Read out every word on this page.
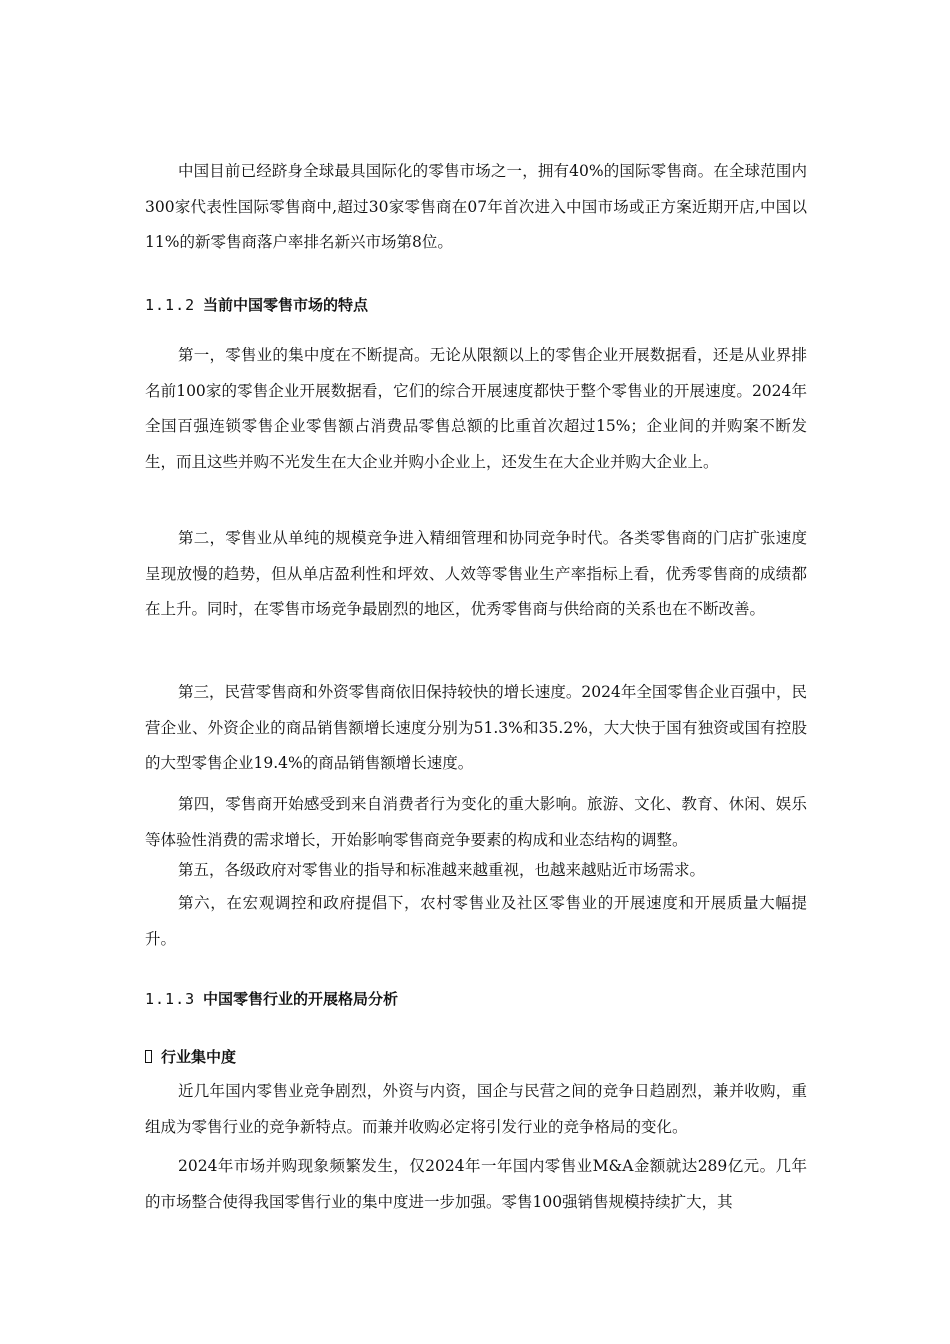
中国目前已经跻身全球最具国际化的零售市场之一，拥有40%的国际零售商。在全球范围内300家代表性国际零售商中,超过30家零售商在07年首次进入中国市场或正方案近期开店,中国以11%的新零售商落户率排名新兴市场第8位。

1.1.2 当前中国零售市场的特点

第一，零售业的集中度在不断提高。无论从限额以上的零售企业开展数据看，还是从业界排名前100家的零售企业开展数据看，它们的综合开展速度都快于整个零售业的开展速度。2024年全国百强连锁零售企业零售额占消费品零售总额的比重首次超过15%；企业间的并购案不断发生，而且这些并购不光发生在大企业并购小企业上，还发生在大企业并购大企业上。

第二，零售业从单纯的规模竞争进入精细管理和协同竞争时代。各类零售商的门店扩张速度呈现放慢的趋势，但从单店盈利性和坪效、人效等零售业生产率指标上看，优秀零售商的成绩都在上升。同时，在零售市场竞争最剧烈的地区，优秀零售商与供给商的关系也在不断改善。

第三，民营零售商和外资零售商依旧保持较快的增长速度。2024年全国零售企业百强中，民营企业、外资企业的商品销售额增长速度分别为51.3%和35.2%，大大快于国有独资或国有控股的大型零售企业19.4%的商品销售额增长速度。

第四，零售商开始感受到来自消费者行为变化的重大影响。旅游、文化、教育、休闲、娱乐等体验性消费的需求增长，开始影响零售商竞争要素的构成和业态结构的调整。

第五，各级政府对零售业的指导和标准越来越重视，也越来越贴近市场需求。

第六，在宏观调控和政府提倡下，农村零售业及社区零售业的开展速度和开展质量大幅提升。

1.1.3 中国零售行业的开展格局分析
行业集中度

近几年国内零售业竞争剧烈，外资与内资，国企与民营之间的竞争日趋剧烈，兼并收购，重组成为零售行业的竞争新特点。而兼并收购必定将引发行业的竞争格局的变化。

2024年市场并购现象频繁发生，仅2024年一年国内零售业M&A金额就达289亿元。几年的市场整合使得我国零售行业的集中度进一步加强。零售100强销售规模持续扩大，其
